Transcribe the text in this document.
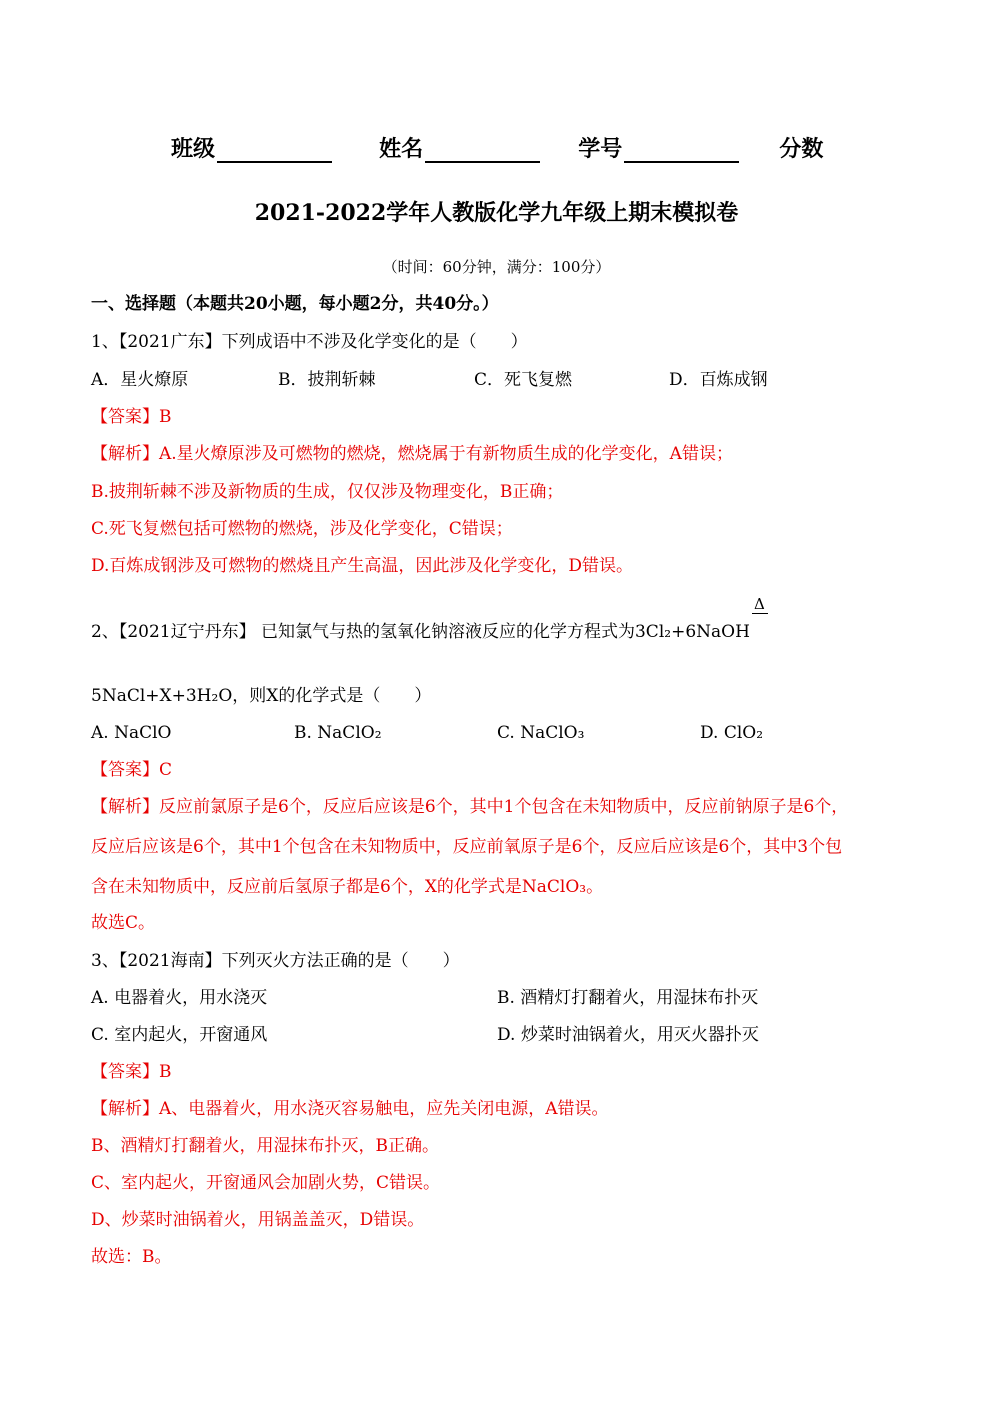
班级	姓名	学号	分数
2021-2022学年人教版化学九年级上期末模拟卷
（时间：60分钟，满分：100分）
一、选择题（本题共20小题，每小题2分，共40分。）
1、【2021广东】下列成语中不涉及化学变化的是（　　）
A．星火燎原	B．披荆斩棘	C．死飞复燃	D．百炼成钢
【答案】B
【解析】A.星火燎原涉及可燃物的燃烧，燃烧属于有新物质生成的化学变化，A错误；
B.披荆斩棘不涉及新物质的生成，仅仅涉及物理变化，B正确；
C.死飞复燃包括可燃物的燃烧，涉及化学变化，C错误；
D.百炼成钢涉及可燃物的燃烧且产生高温，因此涉及化学变化，D错误。
Δ
2、【2021辽宁丹东】 已知氯气与热的氢氧化钠溶液反应的化学方程式为3Cl₂+6NaOH
5NaCl+X+3H₂O，则X的化学式是（　　）
A. NaClO	B. NaClO₂	C. NaClO₃	D. ClO₂
【答案】C
【解析】反应前氯原子是6个，反应后应该是6个，其中1个包含在未知物质中，反应前钠原子是6个，
反应后应该是6个，其中1个包含在未知物质中，反应前氧原子是6个，反应后应该是6个，其中3个包
含在未知物质中，反应前后氢原子都是6个，X的化学式是NaClO₃。
故选C。
3、【2021海南】下列灭火方法正确的是（　　）
A. 电器着火，用水浇灭	B. 酒精灯打翻着火，用湿抹布扑灭
C. 室内起火，开窗通风	D. 炒菜时油锅着火，用灭火器扑灭
【答案】B
【解析】A、电器着火，用水浇灭容易触电，应先关闭电源，A错误。
B、酒精灯打翻着火，用湿抹布扑灭，B正确。
C、室内起火，开窗通风会加剧火势，C错误。
D、炒菜时油锅着火，用锅盖盖灭，D错误。
故选：B。
